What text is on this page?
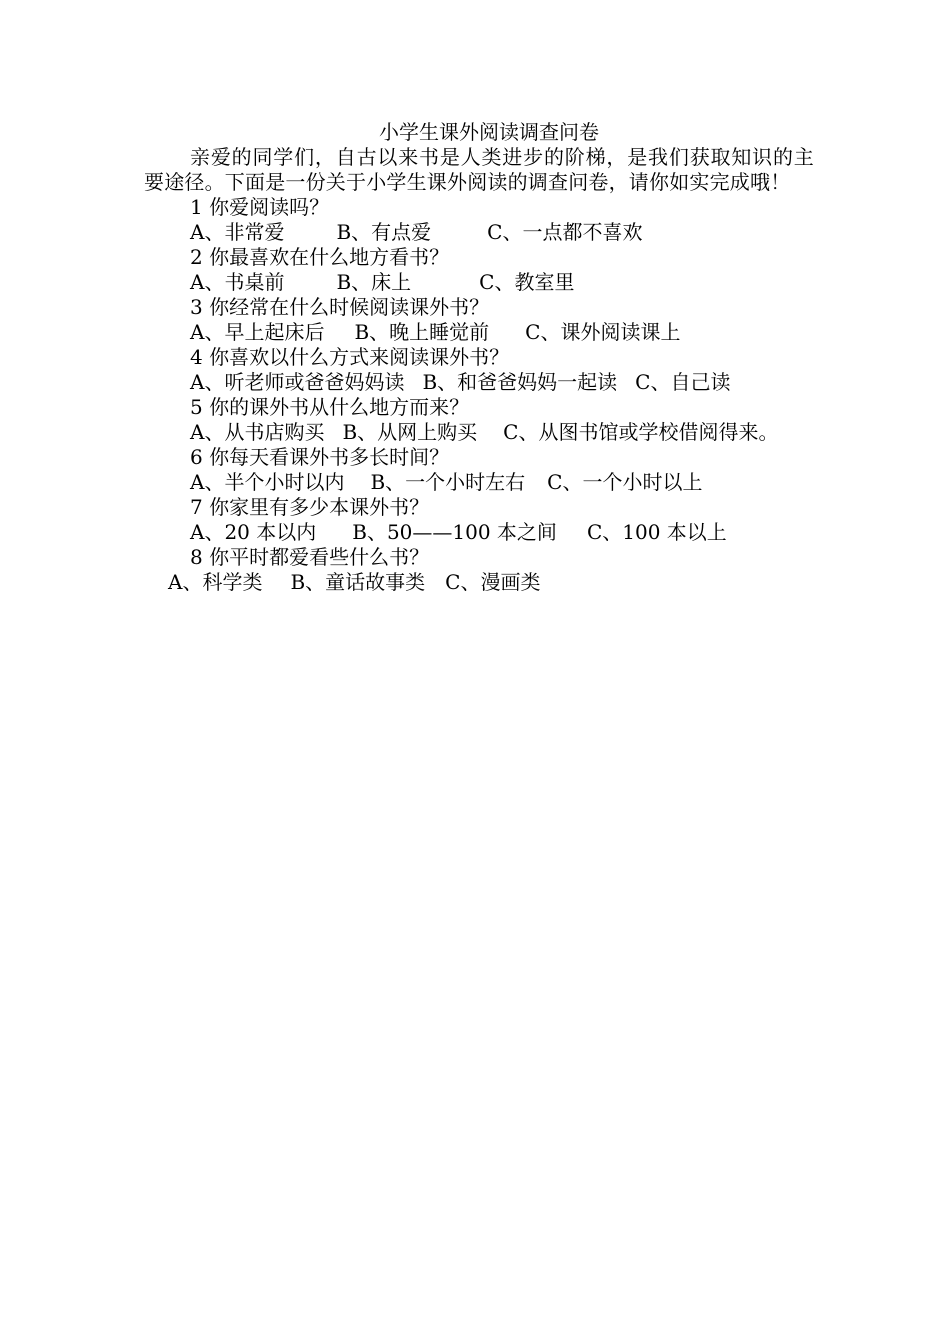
小学生课外阅读调查问卷

亲爱的同学们，自古以来书是人类进步的阶梯，是我们获取知识的主要途径。下面是一份关于小学生课外阅读的调查问卷，请你如实完成哦！

1 你爱阅读吗？

A、非常爱	B、有点爱	C、一点都不喜欢

2 你最喜欢在什么地方看书？

A、书桌前	B、床上	C、教室里

3 你经常在什么时候阅读课外书？

A、早上起床后 B、晚上睡觉前 C、课外阅读课上

4 你喜欢以什么方式来阅读课外书？

A、听老师或爸爸妈妈读 B、和爸爸妈妈一起读 C、自己读

5 你的课外书从什么地方而来？

A、从书店购买 B、从网上购买 C、从图书馆或学校借阅得来。

6 你每天看课外书多长时间？

A、半个小时以内 B、一个小时左右 C、一个小时以上

7 你家里有多少本课外书？

A、20 本以内 B、50——100 本之间 C、100 本以上

8 你平时都爱看些什么书？

A、科学类 B、童话故事类 C、漫画类
